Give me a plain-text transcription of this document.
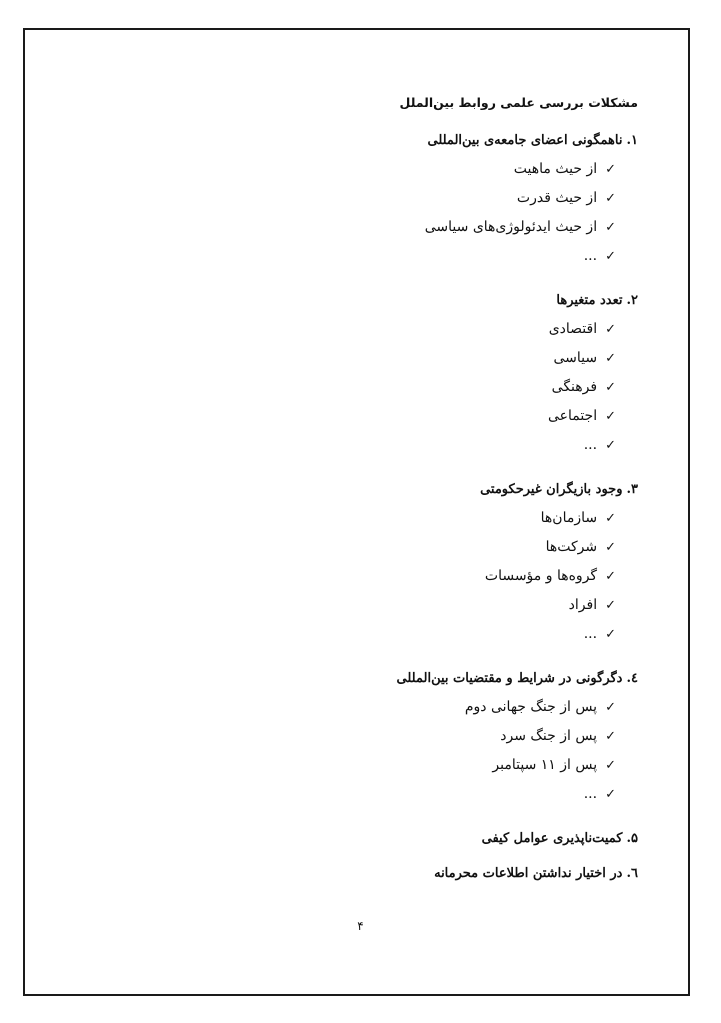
مشکلات بررسی علمی روابط بین‌الملل
۱.ناهمگونی اعضای جامعه‌ی بین‌المللی
✓از حیث ماهیت
✓از حیث قدرت
✓از حیث ایدئولوژی‌های سیاسی
✓...
۲.تعدد متغیرها
✓اقتصادی
✓سیاسی
✓فرهنگی
✓اجتماعی
✓...
۳.وجود بازیگران غیرحکومتی
✓سازمان‌ها
✓شرکت‌ها
✓گروه‌ها و مؤسسات
✓افراد
✓...
٤.دگرگونی در شرایط و مقتضیات بین‌المللی
✓پس از جنگ جهانی دوم
✓پس از جنگ سرد
✓پس از ۱۱ سپتامبر
✓...
۵.کمیت‌ناپذیری عوامل کیفی
٦.در اختیار نداشتن اطلاعات محرمانه
۴
